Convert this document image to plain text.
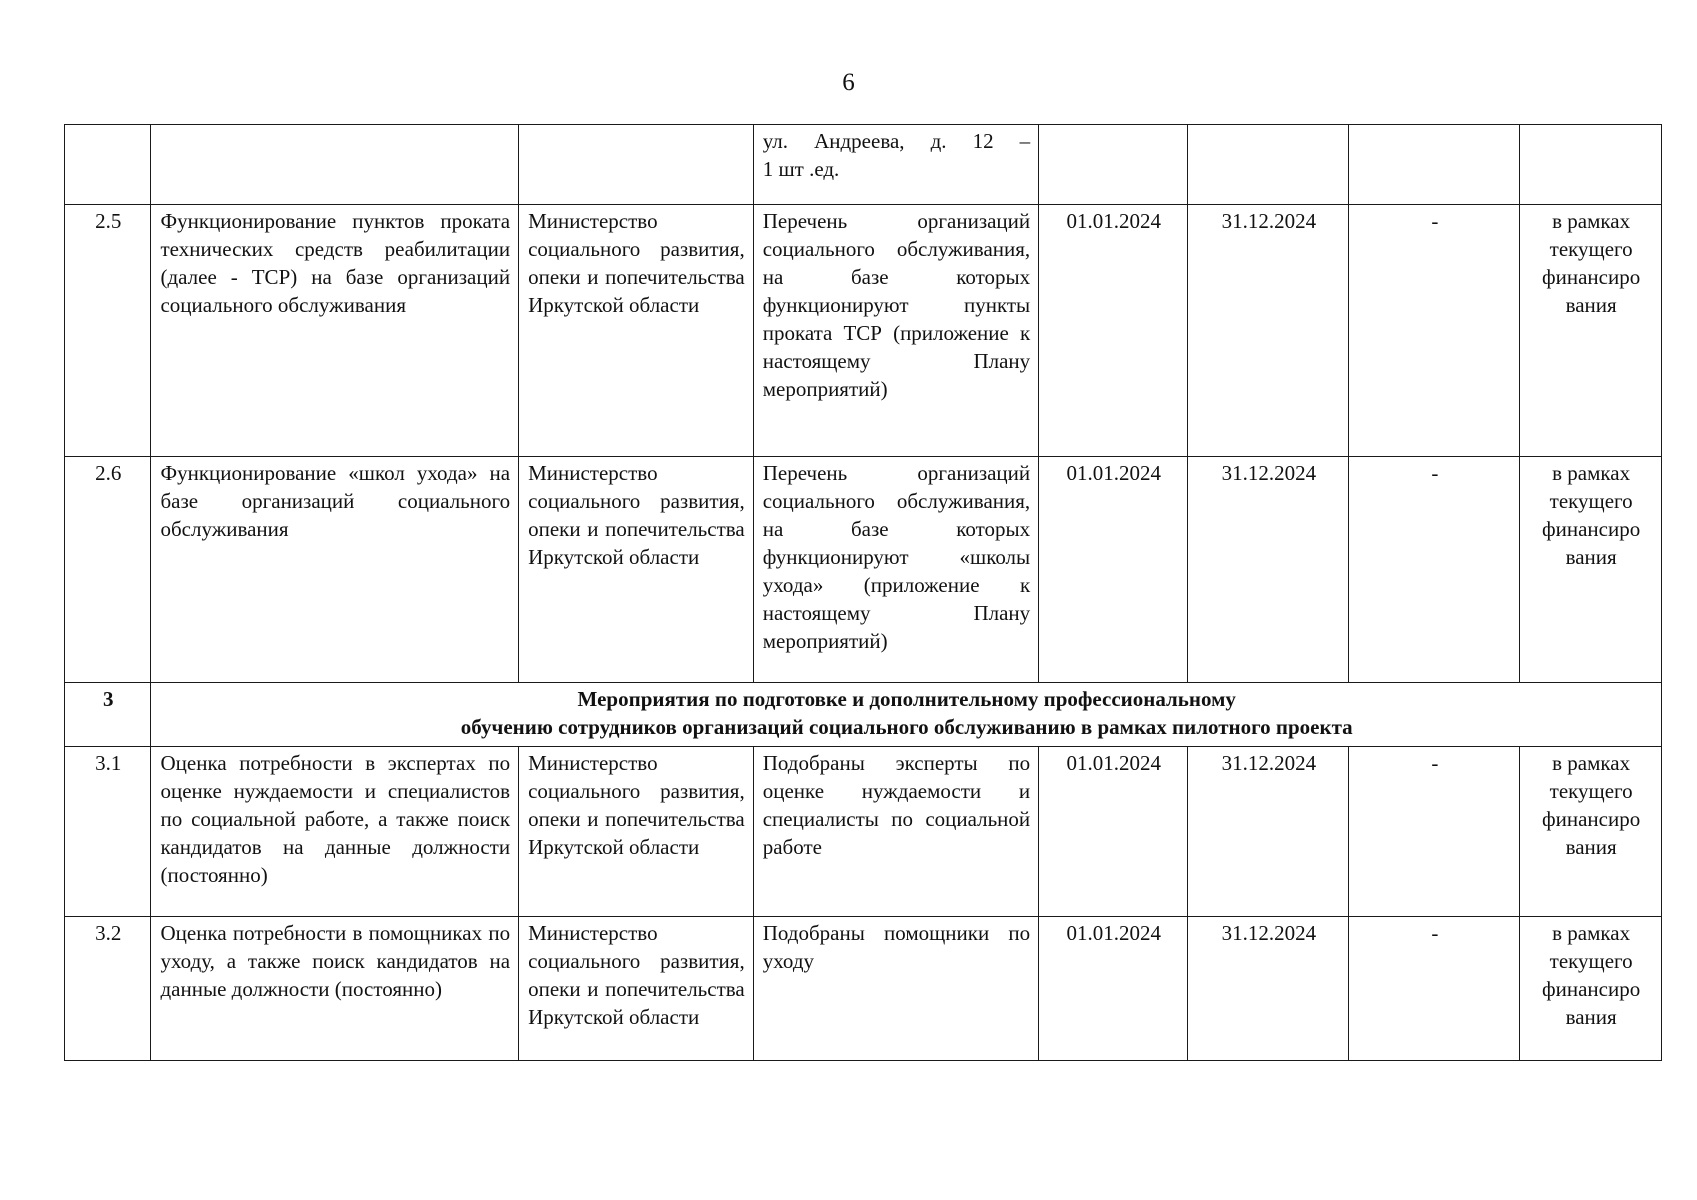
6

			ул. Андреева, д. 12 –
1 шт .ед.				
2.5	Функционирование пунктов проката технических средств реабилитации (далее - ТСР) на базе организаций социального обслуживания	Министерство социального развития, опеки и попечительства Иркутской области	Перечень организаций социального обслуживания, на базе которых функционируют пункты проката ТСР (приложение к настоящему Плану мероприятий)	01.01.2024	31.12.2024	-	в рамках текущего финансиро вания
2.6	Функционирование «школ ухода» на базе организаций социального обслуживания	Министерство социального развития, опеки и попечительства Иркутской области	Перечень организаций социального обслуживания, на базе которых функционируют «школы ухода» (приложение к настоящему Плану мероприятий)	01.01.2024	31.12.2024	-	в рамках текущего финансиро вания
3	Мероприятия по подготовке и дополнительному профессиональному
обучению сотрудников организаций социального обслуживанию в рамках пилотного проекта						
3.1	Оценка потребности в экспертах по оценке нуждаемости и специалистов по социальной работе, а также поиск кандидатов на данные должности (постоянно)	Министерство социального развития, опеки и попечительства Иркутской области	Подобраны эксперты по оценке нуждаемости и специалисты по социальной работе	01.01.2024	31.12.2024	-	в рамках текущего финансиро вания
3.2	Оценка потребности в помощниках по уходу, а также поиск кандидатов на данные должности (постоянно)	Министерство социального развития, опеки и попечительства Иркутской области	Подобраны помощники по уходу	01.01.2024	31.12.2024	-	в рамках текущего финансиро вания
